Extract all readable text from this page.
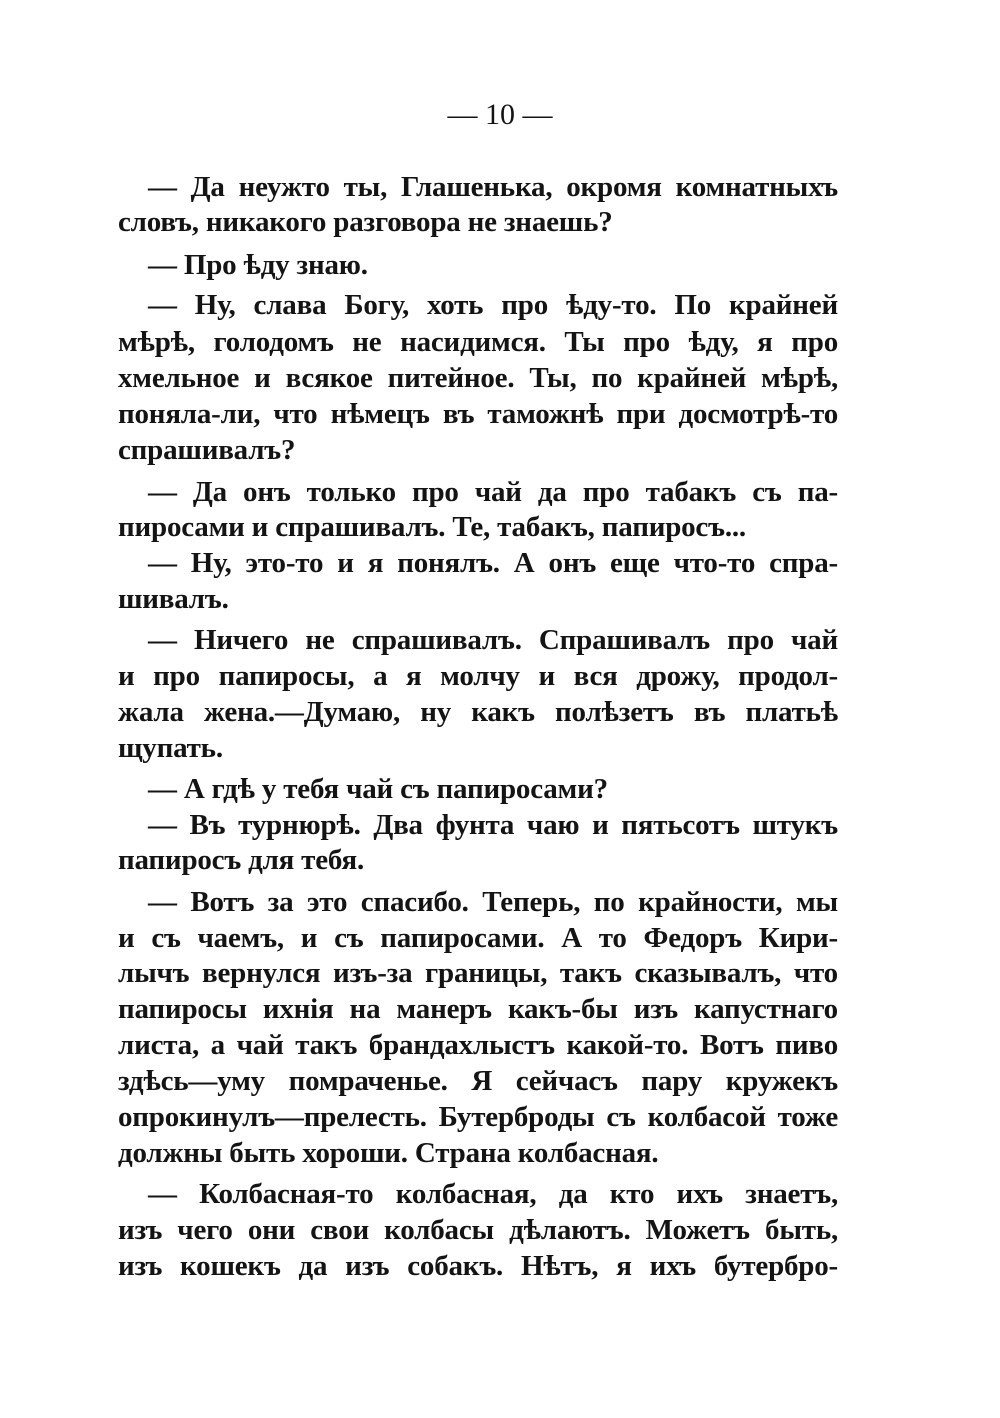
— 10 —
— Да неужто ты, Глашенька, окромя комнатныхъ
словъ, никакого разговора не знаешь?
— Про ѣду знаю.
— Ну, слава Богу, хоть про ѣду-то. По крайней
мѣрѣ, голодомъ не насидимся. Ты про ѣду, я про
хмельное и всякое питейное. Ты, по крайней мѣрѣ,
поняла-ли, что нѣмецъ въ таможнѣ при досмотрѣ-то
спрашивалъ?
— Да онъ только про чай да про табакъ съ па-
пиросами и спрашивалъ. Те, табакъ, папиросъ...
— Ну, это-то и я понялъ. А онъ еще что-то спра-
шивалъ.
— Ничего не спрашивалъ. Спрашивалъ про чай
и про папиросы, а я молчу и вся дрожу, продол-
жала жена.—Думаю, ну какъ полѣзетъ въ платьѣ
щупать.
— А гдѣ у тебя чай съ папиросами?
— Въ турнюрѣ. Два фунта чаю и пятьсотъ штукъ
папиросъ для тебя.
— Вотъ за это спасибо. Теперь, по крайности, мы
и съ чаемъ, и съ папиросами. А то Федоръ Кири-
лычъ вернулся изъ-за границы, такъ сказывалъ, что
папиросы ихнія на манеръ какъ-бы изъ капустнаго
листа, а чай такъ брандахлыстъ какой-то. Вотъ пиво
здѣсь—уму помраченье. Я сейчасъ пару кружекъ
опрокинулъ—прелесть. Бутерброды съ колбасой тоже
должны быть хороши. Страна колбасная.
— Колбасная-то колбасная, да кто ихъ знаетъ,
изъ чего они свои колбасы дѣлаютъ. Можетъ быть,
изъ кошекъ да изъ собакъ. Нѣтъ, я ихъ бутербро-
